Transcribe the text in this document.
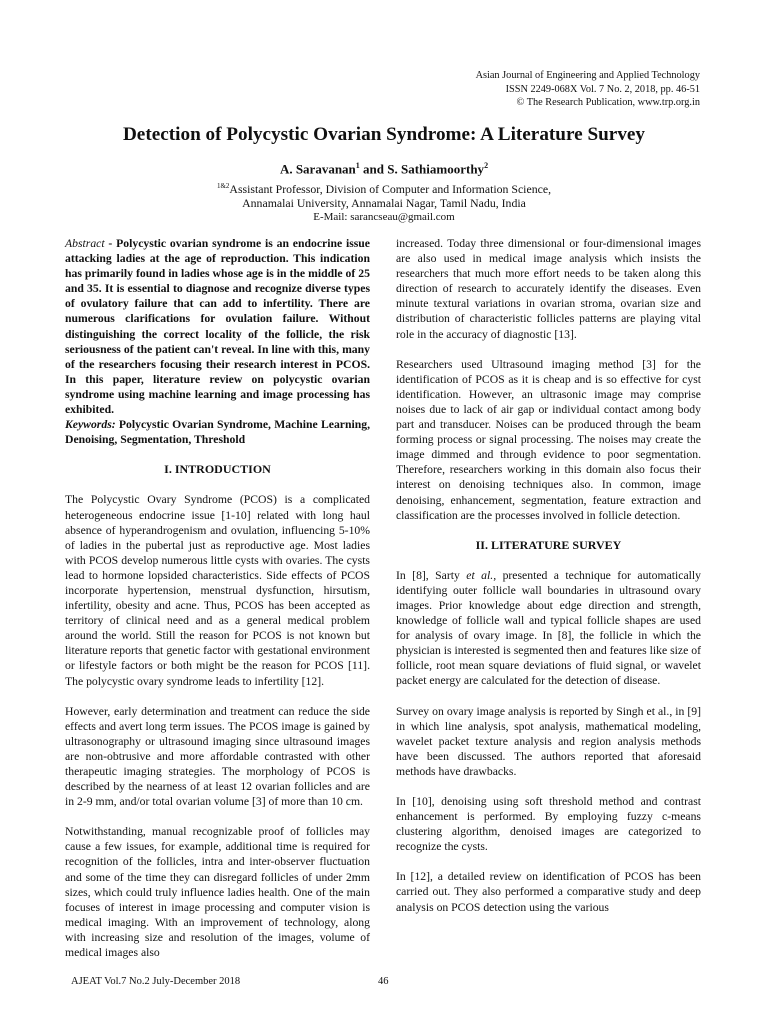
Asian Journal of Engineering and Applied Technology
ISSN 2249-068X Vol. 7 No. 2, 2018, pp. 46-51
© The Research Publication, www.trp.org.in
Detection of Polycystic Ovarian Syndrome: A Literature Survey
A. Saravanan$^1$ and S. Sathiamoorthy$^2$
$^{1\&2}$Assistant Professor, Division of Computer and Information Science,
Annamalai University, Annamalai Nagar, Tamil Nadu, India
E-Mail: sarancseau@gmail.com

Abstract - Polycystic ovarian syndrome is an endocrine issue attacking ladies at the age of reproduction. This indication has primarily found in ladies whose age is in the middle of 25 and 35. It is essential to diagnose and recognize diverse types of ovulatory failure that can add to infertility. There are numerous clarifications for ovulation failure. Without distinguishing the correct locality of the follicle, the risk seriousness of the patient can't reveal. In line with this, many of the researchers focusing their research interest in PCOS. In this paper, literature review on polycystic ovarian syndrome using machine learning and image processing has exhibited.

Keywords: Polycystic Ovarian Syndrome, Machine Learning, Denoising, Segmentation, Threshold

I. INTRODUCTION

The Polycystic Ovary Syndrome (PCOS) is a complicated heterogeneous endocrine issue [1-10] related with long haul absence of hyperandrogenism and ovulation, influencing 5-10% of ladies in the pubertal just as reproductive age. Most ladies with PCOS develop numerous little cysts with ovaries. The cysts lead to hormone lopsided characteristics. Side effects of PCOS incorporate hypertension, menstrual dysfunction, hirsutism, infertility, obesity and acne. Thus, PCOS has been accepted as territory of clinical need and as a general medical problem around the world. Still the reason for PCOS is not known but literature reports that genetic factor with gestational environment or lifestyle factors or both might be the reason for PCOS [11]. The polycystic ovary syndrome leads to infertility [12].

However, early determination and treatment can reduce the side effects and avert long term issues. The PCOS image is gained by ultrasonography or ultrasound imaging since ultrasound images are non-obtrusive and more affordable contrasted with other therapeutic imaging strategies. The morphology of PCOS is described by the nearness of at least 12 ovarian follicles and are in 2-9 mm, and/or total ovarian volume [3] of more than 10 cm.

Notwithstanding, manual recognizable proof of follicles may cause a few issues, for example, additional time is required for recognition of the follicles, intra and inter-observer fluctuation and some of the time they can disregard follicles of under 2mm sizes, which could truly influence ladies health. One of the main focuses of interest in image processing and computer vision is medical imaging. With an improvement of technology, along with increasing size and resolution of the images, volume of medical images also

increased. Today three dimensional or four-dimensional images are also used in medical image analysis which insists the researchers that much more effort needs to be taken along this direction of research to accurately identify the diseases. Even minute textural variations in ovarian stroma, ovarian size and distribution of characteristic follicles patterns are playing vital role in the accuracy of diagnostic [13].

Researchers used Ultrasound imaging method [3] for the identification of PCOS as it is cheap and is so effective for cyst identification. However, an ultrasonic image may comprise noises due to lack of air gap or individual contact among body part and transducer. Noises can be produced through the beam forming process or signal processing. The noises may create the image dimmed and through evidence to poor segmentation. Therefore, researchers working in this domain also focus their interest on denoising techniques also. In common, image denoising, enhancement, segmentation, feature extraction and classification are the processes involved in follicle detection.

II. LITERATURE SURVEY

In [8], Sarty et al., presented a technique for automatically identifying outer follicle wall boundaries in ultrasound ovary images. Prior knowledge about edge direction and strength, knowledge of follicle wall and typical follicle shapes are used for analysis of ovary image. In [8], the follicle in which the physician is interested is segmented then and features like size of follicle, root mean square deviations of fluid signal, or wavelet packet energy are calculated for the detection of disease.

Survey on ovary image analysis is reported by Singh et al., in [9] in which line analysis, spot analysis, mathematical modeling, wavelet packet texture analysis and region analysis methods have been discussed. The authors reported that aforesaid methods have drawbacks.

In [10], denoising using soft threshold method and contrast enhancement is performed. By employing fuzzy c-means clustering algorithm, denoised images are categorized to recognize the cysts.

In [12], a detailed review on identification of PCOS has been carried out. They also performed a comparative study and deep analysis on PCOS detection using the various

AJEAT Vol.7 No.2 July-December 2018	46
